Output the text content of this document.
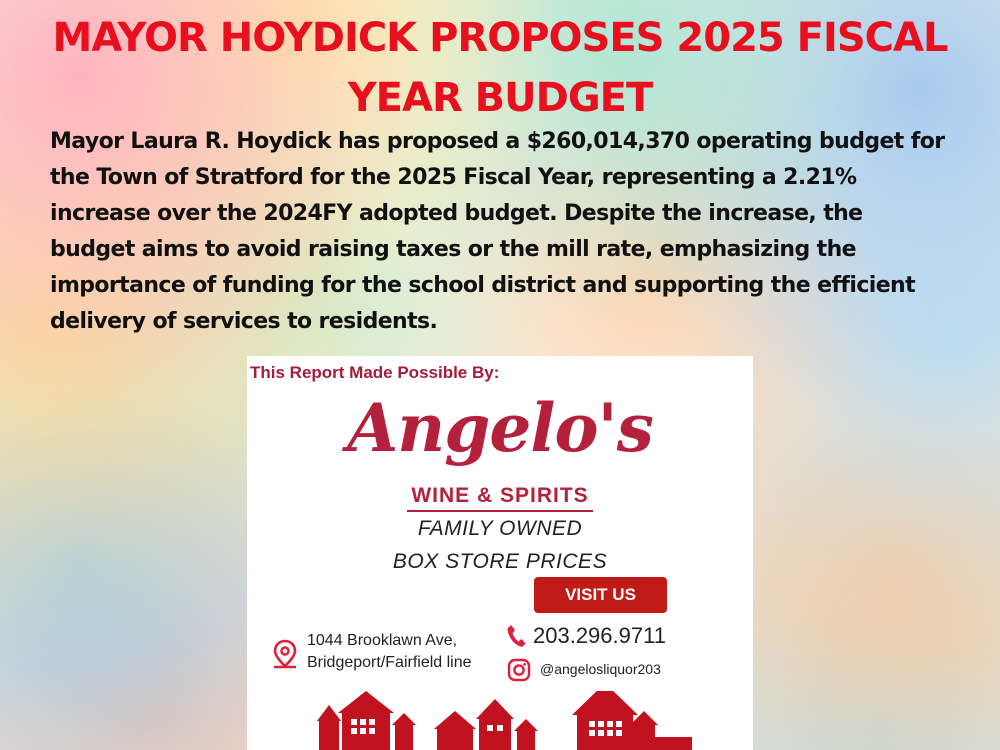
MAYOR HOYDICK PROPOSES 2025 FISCAL YEAR BUDGET

Mayor Laura R. Hoydick has proposed a $260,014,370 operating budget for the Town of Stratford for the 2025 Fiscal Year, representing a 2.21% increase over the 2024FY adopted budget. Despite the increase, the budget aims to avoid raising taxes or the mill rate, emphasizing the importance of funding for the school district and supporting the efficient delivery of services to residents.

This Report Made Possible By:
Angelo's
WINE & SPIRITS
FAMILY OWNED
BOX STORE PRICES
VISIT US
1044 Brooklawn Ave,
Bridgeport/Fairfield line
203.296.9711
@angelosliquor203
